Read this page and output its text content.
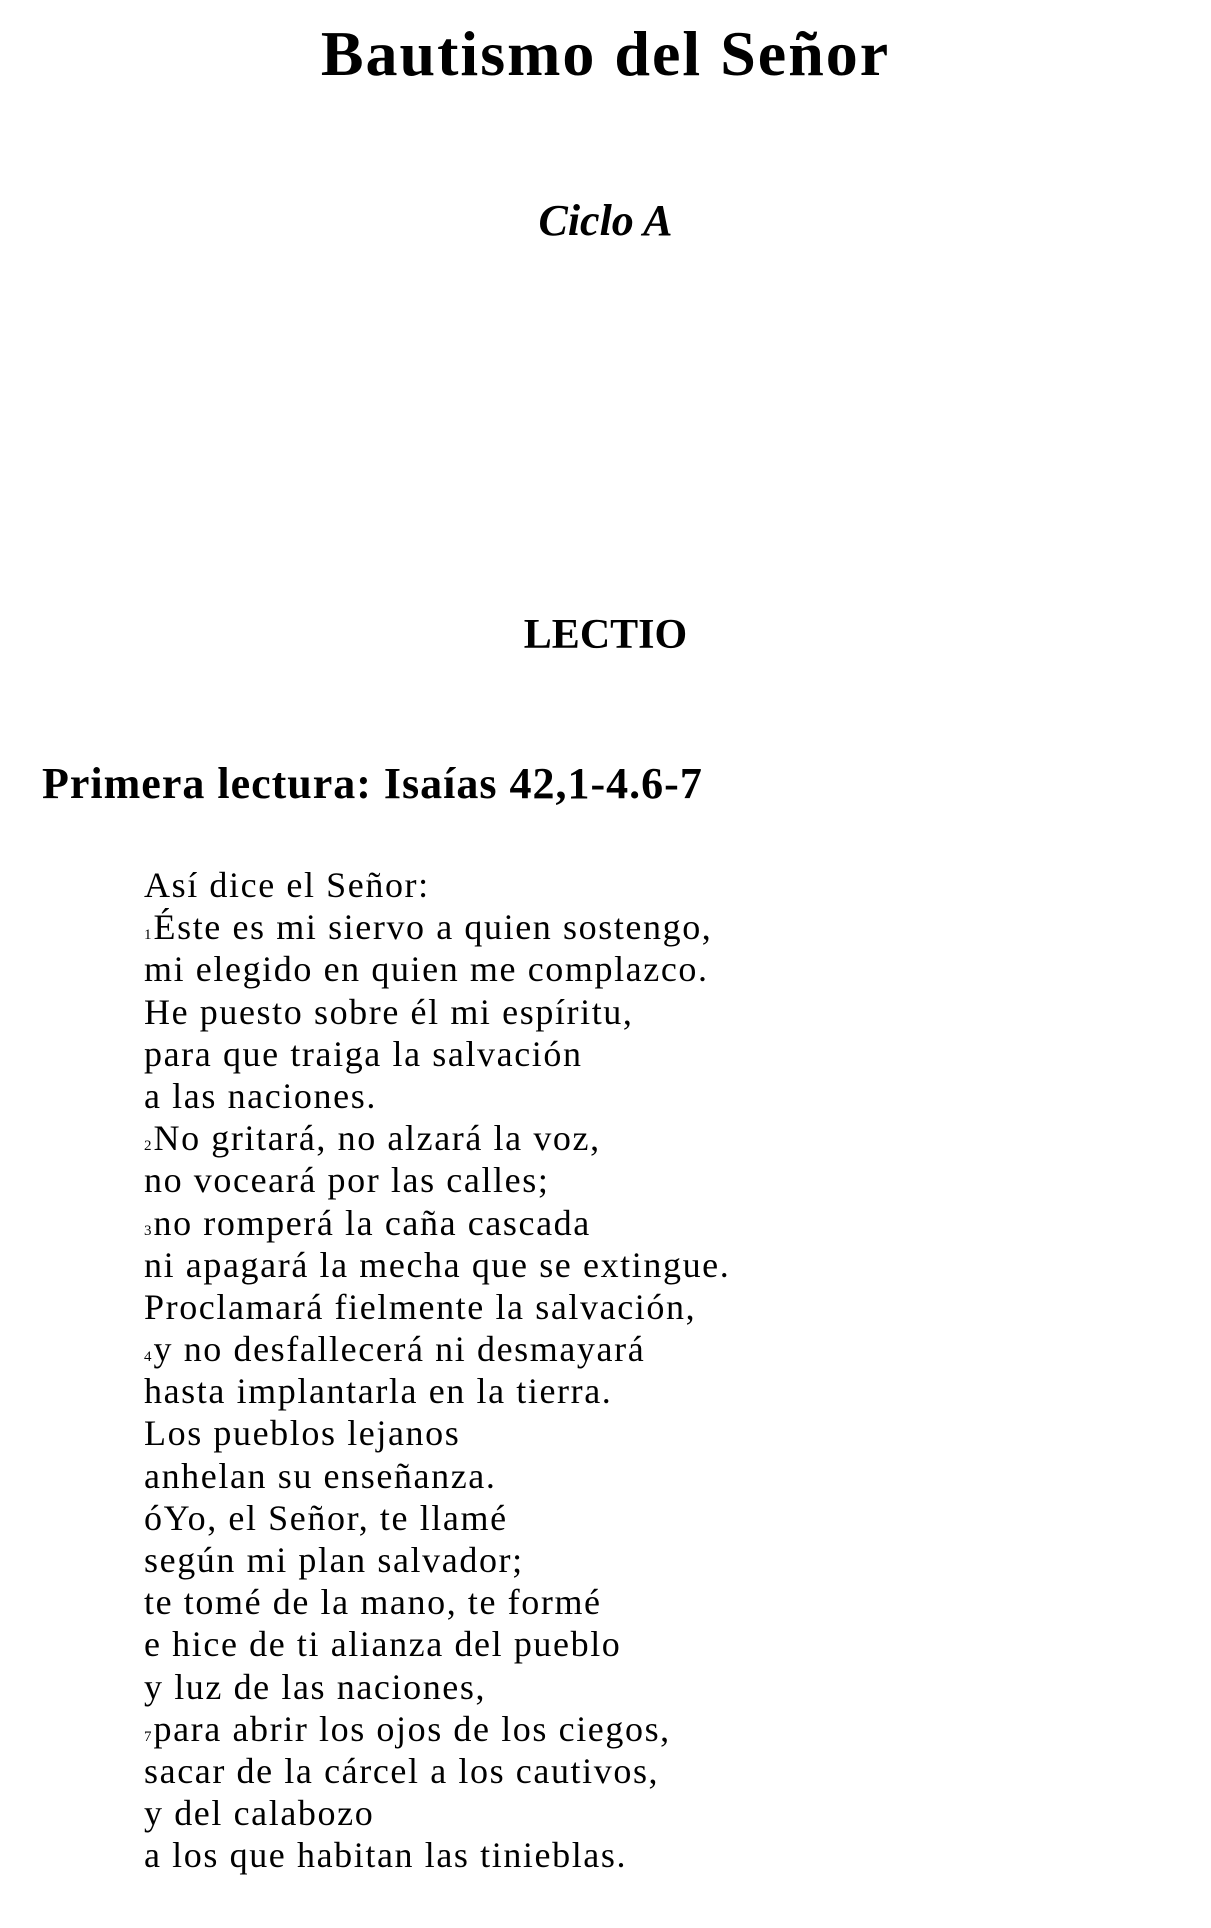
Bautismo del Señor
Ciclo A
LECTIO
Primera lectura: Isaías 42,1-4.6-7
Así dice el Señor:
1Éste es mi siervo a quien sostengo,
mi elegido en quien me complazco.
He puesto sobre él mi espíritu,
para que traiga la salvación
a las naciones.
2No gritará, no alzará la voz,
no voceará por las calles;
3no romperá la caña cascada
ni apagará la mecha que se extingue.
Proclamará fielmente la salvación,
4y no desfallecerá ni desmayará
hasta implantarla en la tierra.
Los pueblos lejanos
anhelan su enseñanza.
óYo, el Señor, te llamé
según mi plan salvador;
te tomé de la mano, te formé
e hice de ti alianza del pueblo
y luz de las naciones,
7para abrir los ojos de los ciegos,
sacar de la cárcel a los cautivos,
y del calabozo
a los que habitan las tinieblas.
